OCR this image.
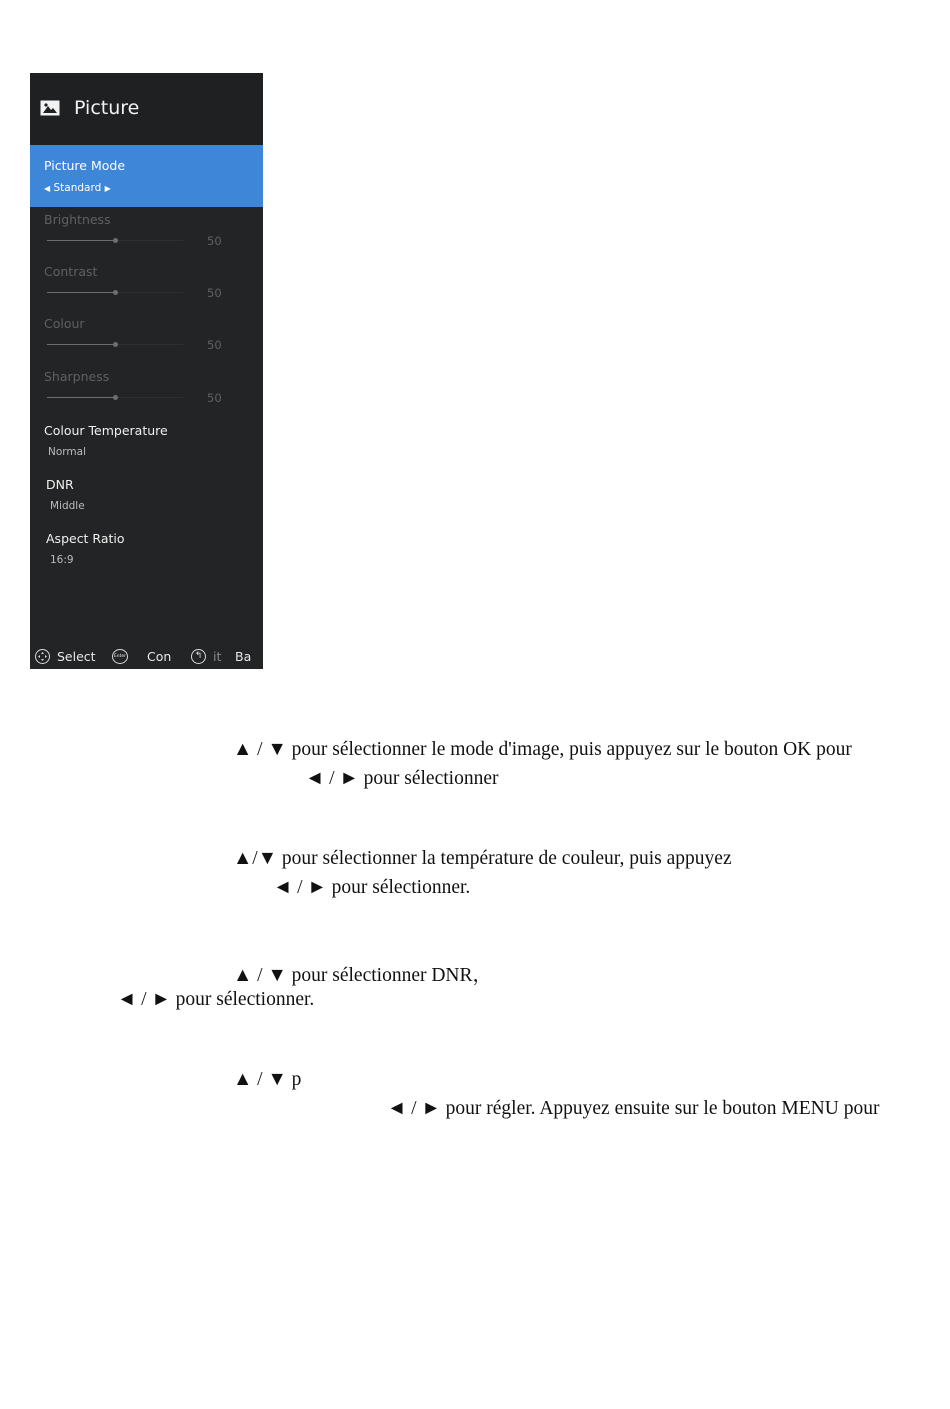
Picture
Picture Mode
◀ Standard ▶
Brightness
50
Contrast
50
Colour
50
Sharpness
50
Colour Temperature
Normal
DNR
Middle
Aspect Ratio
16:9
Select	Enter Con	↰ it Ba
▲ / ▼ pour sélectionner le mode d'image, puis appuyez sur le bouton OK pour
◄ / ► pour sélectionner
▲/▼ pour sélectionner la température de couleur, puis appuyez
◄ / ► pour sélectionner.
▲ / ▼ pour sélectionner DNR，
◄ / ► pour sélectionner.
▲ / ▼ p
◄ / ► pour régler. Appuyez ensuite sur le bouton MENU pour
